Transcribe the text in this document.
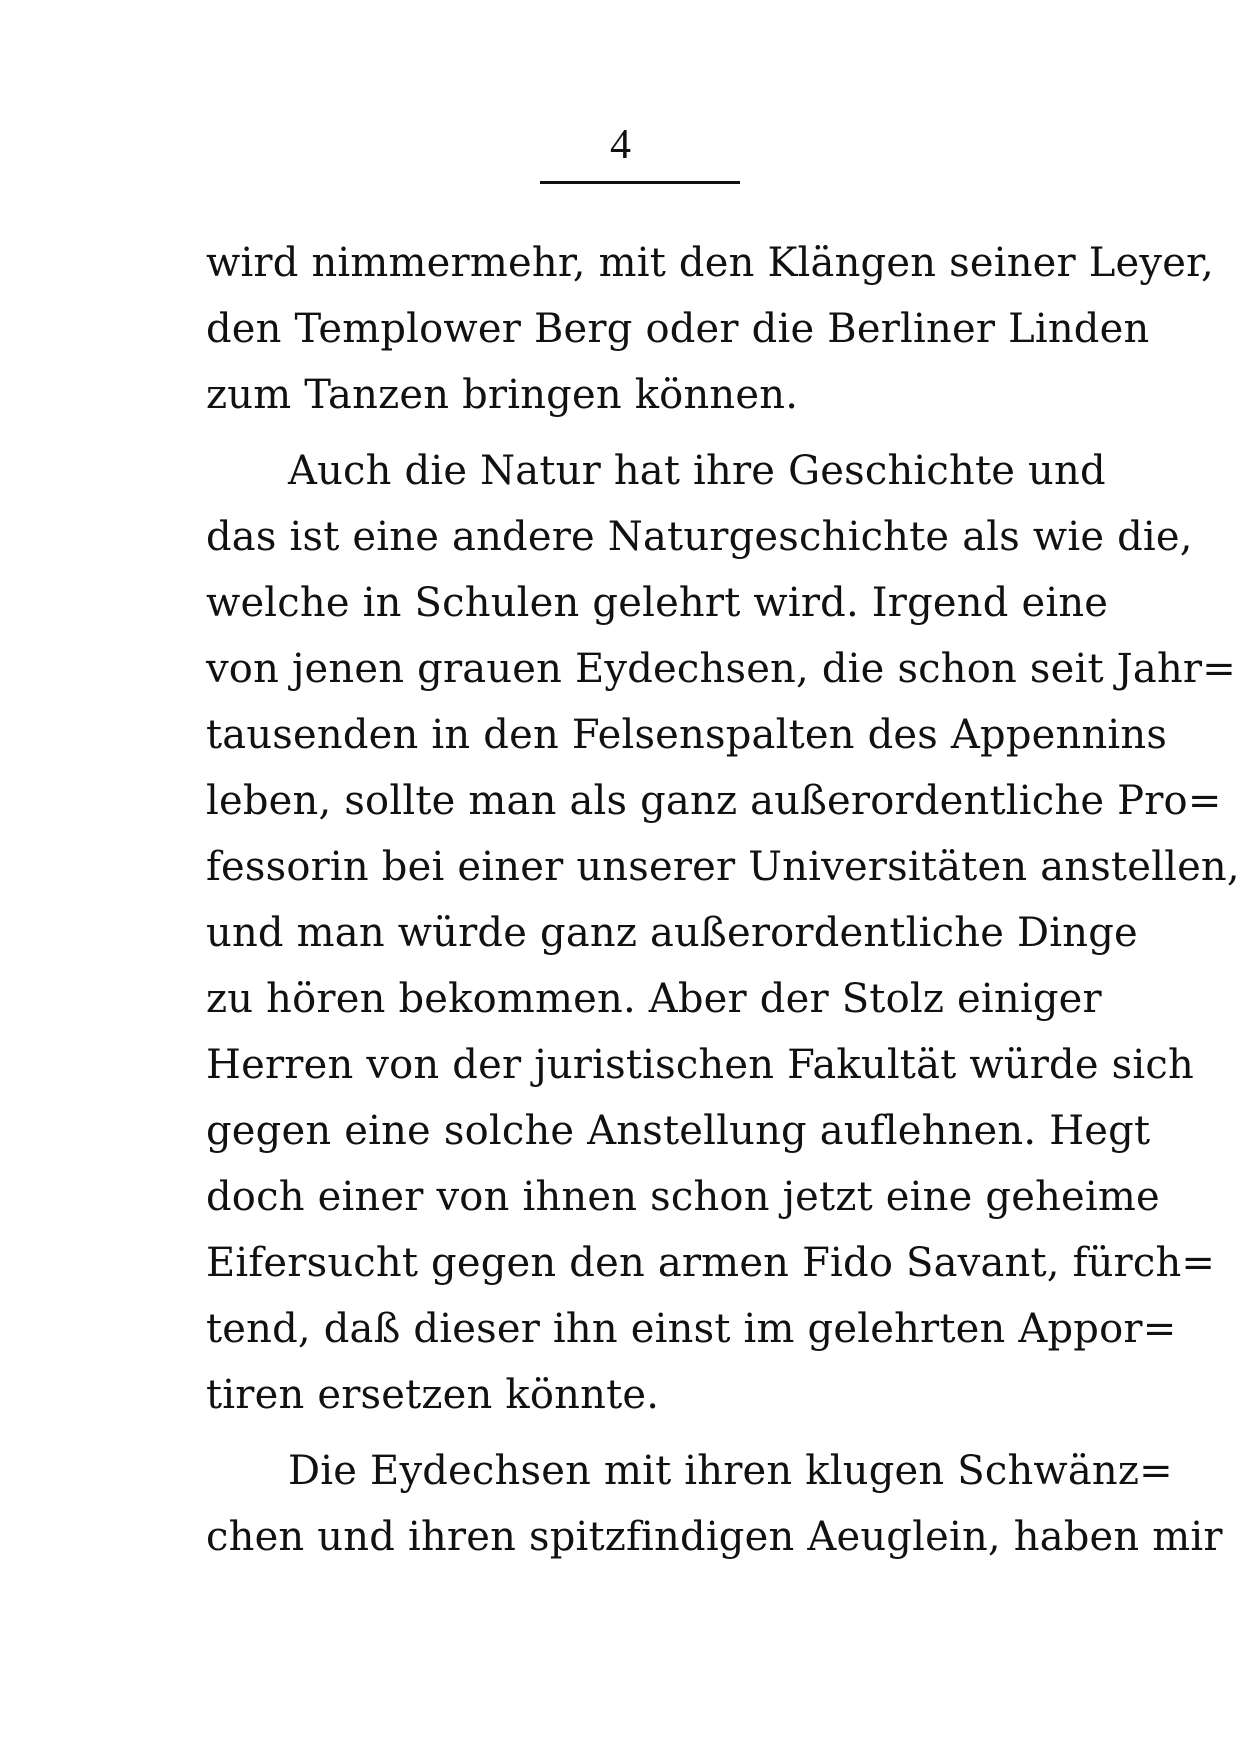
4
wird nimmermehr, mit den Klängen seiner Leyer,
den Templower Berg oder die Berliner Linden
zum Tanzen bringen können.
Auch die Natur hat ihre Geschichte und
das ist eine andere Naturgeschichte als wie die,
welche in Schulen gelehrt wird. Irgend eine
von jenen grauen Eydechsen, die schon seit Jahr=
tausenden in den Felsenspalten des Appennins
leben, sollte man als ganz außerordentliche Pro=
fessorin bei einer unserer Universitäten anstellen,
und man würde ganz außerordentliche Dinge
zu hören bekommen. Aber der Stolz einiger
Herren von der juristischen Fakultät würde sich
gegen eine solche Anstellung auflehnen. Hegt
doch einer von ihnen schon jetzt eine geheime
Eifersucht gegen den armen Fido Savant, fürch=
tend, daß dieser ihn einst im gelehrten Appor=
tiren ersetzen könnte.
Die Eydechsen mit ihren klugen Schwänz=
chen und ihren spitzfindigen Aeuglein, haben mir
